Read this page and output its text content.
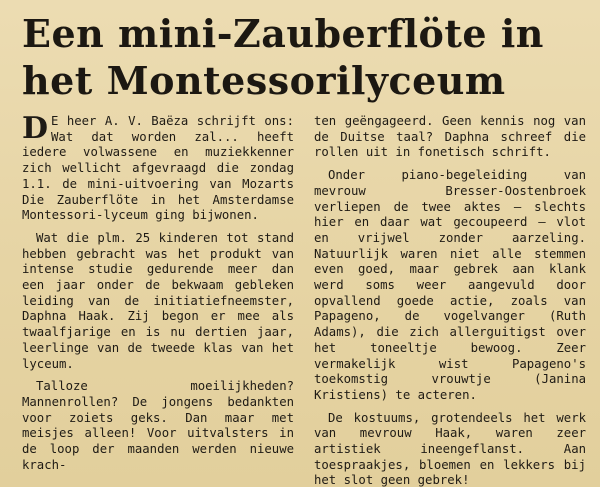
Een mini-Zauberflöte in het Montessorilyceum

D E heer A. V. Baëza schrijft ons: Wat dat worden zal... heeft iedere volwassene en muziekkenner zich wellicht afgevraagd die zondag 1.1. de mini-uitvoering van Mozarts Die Zauberflöte in het Amsterdamse Montessori-lyceum ging bijwonen.

Wat die plm. 25 kinderen tot stand hebben gebracht was het produkt van intense studie gedurende meer dan een jaar onder de bekwaam gebleken leiding van de initiatiefneemster, Daphna Haak. Zij begon er mee als twaalfjarige en is nu dertien jaar, leerlinge van de tweede klas van het lyceum.

Talloze moeilijkheden? Mannenrollen? De jongens bedankten voor zoiets geks. Dan maar met meisjes alleen! Voor uitvalsters in de loop der maanden werden nieuwe krach-

ten geëngageerd. Geen kennis nog van de Duitse taal? Daphna schreef die rollen uit in fonetisch schrift.

Onder piano-begeleiding van mevrouw Bresser-Oostenbroek verliepen de twee aktes — slechts hier en daar wat gecoupeerd — vlot en vrijwel zonder aarzeling. Natuurlijk waren niet alle stemmen even goed, maar gebrek aan klank werd soms weer aangevuld door opvallend goede actie, zoals van Papageno, de vogelvanger (Ruth Adams), die zich allerguitigst over het toneeltje bewoog. Zeer vermakelijk wist Papageno's toekomstig vrouwtje (Janina Kristiens) te acteren.

De kostuums, grotendeels het werk van mevrouw Haak, waren zeer artistiek ineengeflanst. Aan toespraakjes, bloemen en lekkers bij het slot geen gebrek!
